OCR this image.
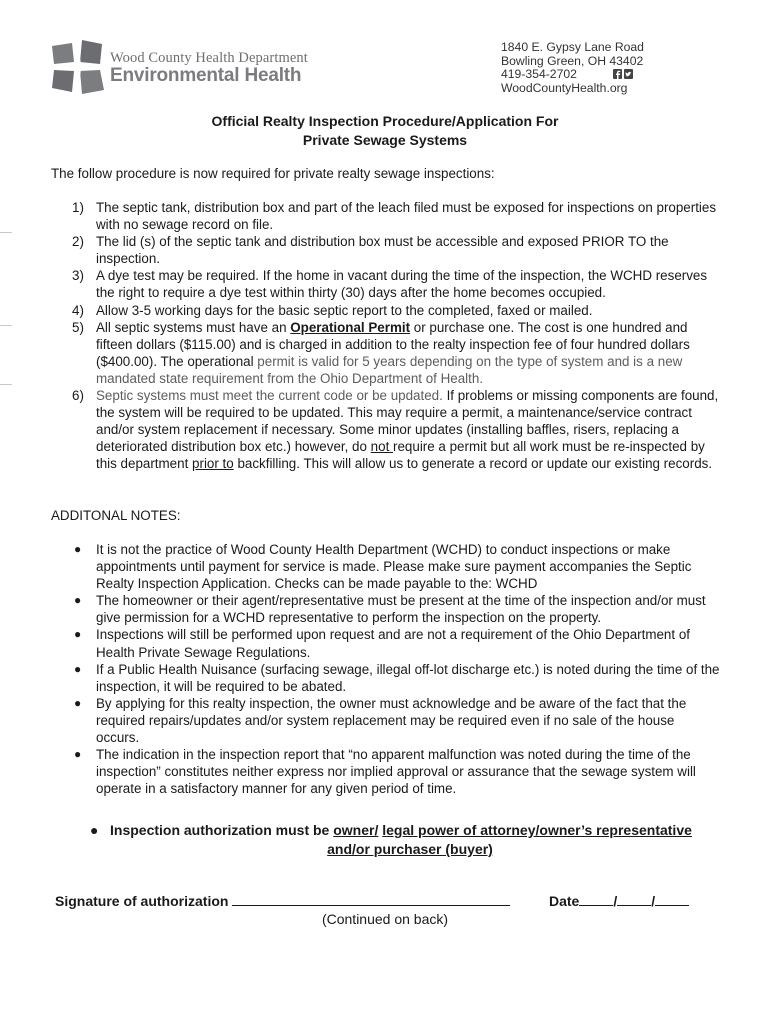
Wood County Health Department
Environmental Health
1840 E. Gypsy Lane Road
Bowling Green, OH 43402
419-354-2702
WoodCountyHealth.org
Official Realty Inspection Procedure/Application For
Private Sewage Systems
The follow procedure is now required for private realty sewage inspections:
1) The septic tank, distribution box and part of the leach filed must be exposed for inspections on properties with no sewage record on file.
2) The lid (s) of the septic tank and distribution box must be accessible and exposed PRIOR TO the inspection.
3) A dye test may be required. If the home in vacant during the time of the inspection, the WCHD reserves the right to require a dye test within thirty (30) days after the home becomes occupied.
4) Allow 3-5 working days for the basic septic report to the completed, faxed or mailed.
5) All septic systems must have an Operational Permit or purchase one. The cost is one hundred and fifteen dollars ($115.00) and is charged in addition to the realty inspection fee of four hundred dollars ($400.00). The operational permit is valid for 5 years depending on the type of system and is a new mandated state requirement from the Ohio Department of Health.
6) Septic systems must meet the current code or be updated. If problems or missing components are found, the system will be required to be updated. This may require a permit, a maintenance/service contract and/or system replacement if necessary. Some minor updates (installing baffles, risers, replacing a deteriorated distribution box etc.) however, do not require a permit but all work must be re-inspected by this department prior to backfilling. This will allow us to generate a record or update our existing records.
ADDITONAL NOTES:
● It is not the practice of Wood County Health Department (WCHD) to conduct inspections or make appointments until payment for service is made. Please make sure payment accompanies the Septic Realty Inspection Application. Checks can be made payable to the: WCHD
● The homeowner or their agent/representative must be present at the time of the inspection and/or must give permission for a WCHD representative to perform the inspection on the property.
● Inspections will still be performed upon request and are not a requirement of the Ohio Department of Health Private Sewage Regulations.
● If a Public Health Nuisance (surfacing sewage, illegal off-lot discharge etc.) is noted during the time of the inspection, it will be required to be abated.
● By applying for this realty inspection, the owner must acknowledge and be aware of the fact that the required repairs/updates and/or system replacement may be required even if no sale of the house occurs.
● The indication in the inspection report that “no apparent malfunction was noted during the time of the inspection” constitutes neither express nor implied approval or assurance that the sewage system will operate in a satisfactory manner for any given period of time.
● Inspection authorization must be owner/ legal power of attorney/owner’s representative
and/or purchaser (buyer)
Signature of authorization	Date / /
(Continued on back)
